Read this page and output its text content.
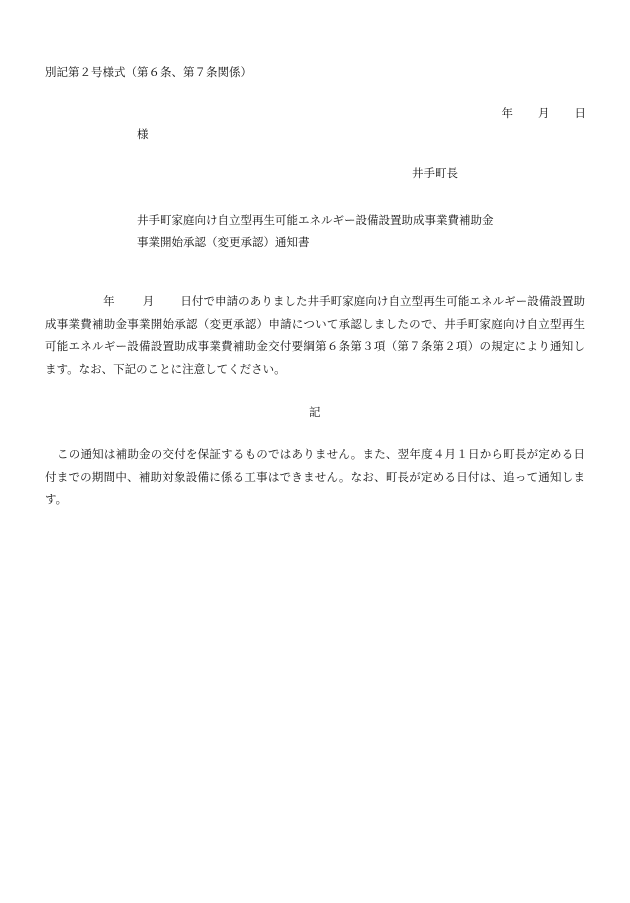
別記第２号様式（第６条、第７条関係）
年 月 日
様
井手町長
井手町家庭向け自立型再生可能エネルギー設備設置助成事業費補助金
事業開始承認（変更承認）通知書
年 月 日付で申請のありました井手町家庭向け自立型再生可能エネルギー設備設置助成事業費補助金事業開始承認（変更承認）申請について承認しましたので、井手町家庭向け自立型再生可能エネルギー設備設置助成事業費補助金交付要綱第６条第３項（第７条第２項）の規定により通知します。なお、下記のことに注意してください。
記
この通知は補助金の交付を保証するものではありません。また、翌年度４月１日から町長が定める日付までの期間中、補助対象設備に係る工事はできません。なお、町長が定める日付は、追って通知します。
